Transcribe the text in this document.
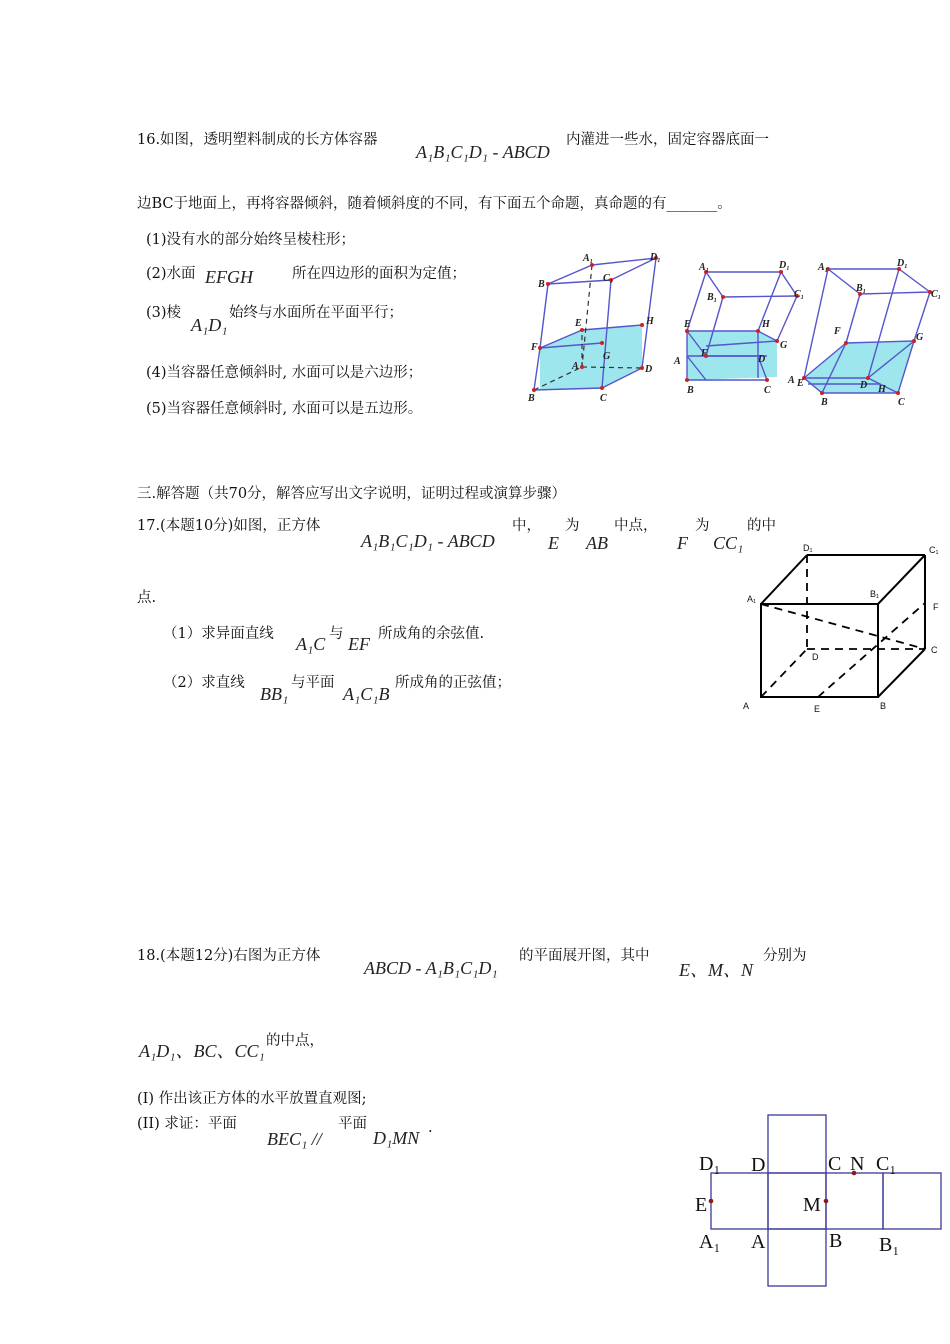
16.如图，透明塑料制成的长方体容器
A₁B₁C₁D₁ - ABCD
内灌进一些水，固定容器底面一
边BC于地面上，再将容器倾斜，随着倾斜度的不同，有下面五个命题，真命题的有_______。
(1)没有水的部分始终呈棱柱形；
(2)水面 EFGH	所在四边形的面积为定值；
(3)棱
A₁D₁
始终与水面所在平面平行；
(4)当容器任意倾斜时, 水面可以是六边形；
(5)当容器任意倾斜时, 水面可以是五边形。
A₁	D₁
B
C₁
E	H
F
A
G
D
B	C
A₁	D₁
B₁	C₁
E	H
G
A
F
D
B	C
A₁	D₁
B₁
C₁
F
G
A E	D H
B	C
三.解答题（共70分，解答应写出文字说明，证明过程或演算步骤）
17.(本题10分)如图，正方体
A₁B₁C₁D₁ - ABCD
中，
E
为
AB
中点，
F
为
CC₁
的中
点.
（1）求异面直线 A₁C 与 EF 所成角的余弦值.
（2）求直线
BB₁
与平面
A₁C₁B
所成角的正弦值；
D₁	C₁
A₁	B₁
F
D
C
A	E	B
18.(本题12分)右图为正方体
ABCD - A₁B₁C₁D₁
的平面展开图，其中
E、M、N
分别为
A₁D₁、BC、CC₁ 的中点，
(I) 作出该正方体的水平放置直观图;
(II) 求证：平面
BEC₁ //
平面
D₁MN .
D₁ D	C N C₁
E	M
A₁ A	B B₁
